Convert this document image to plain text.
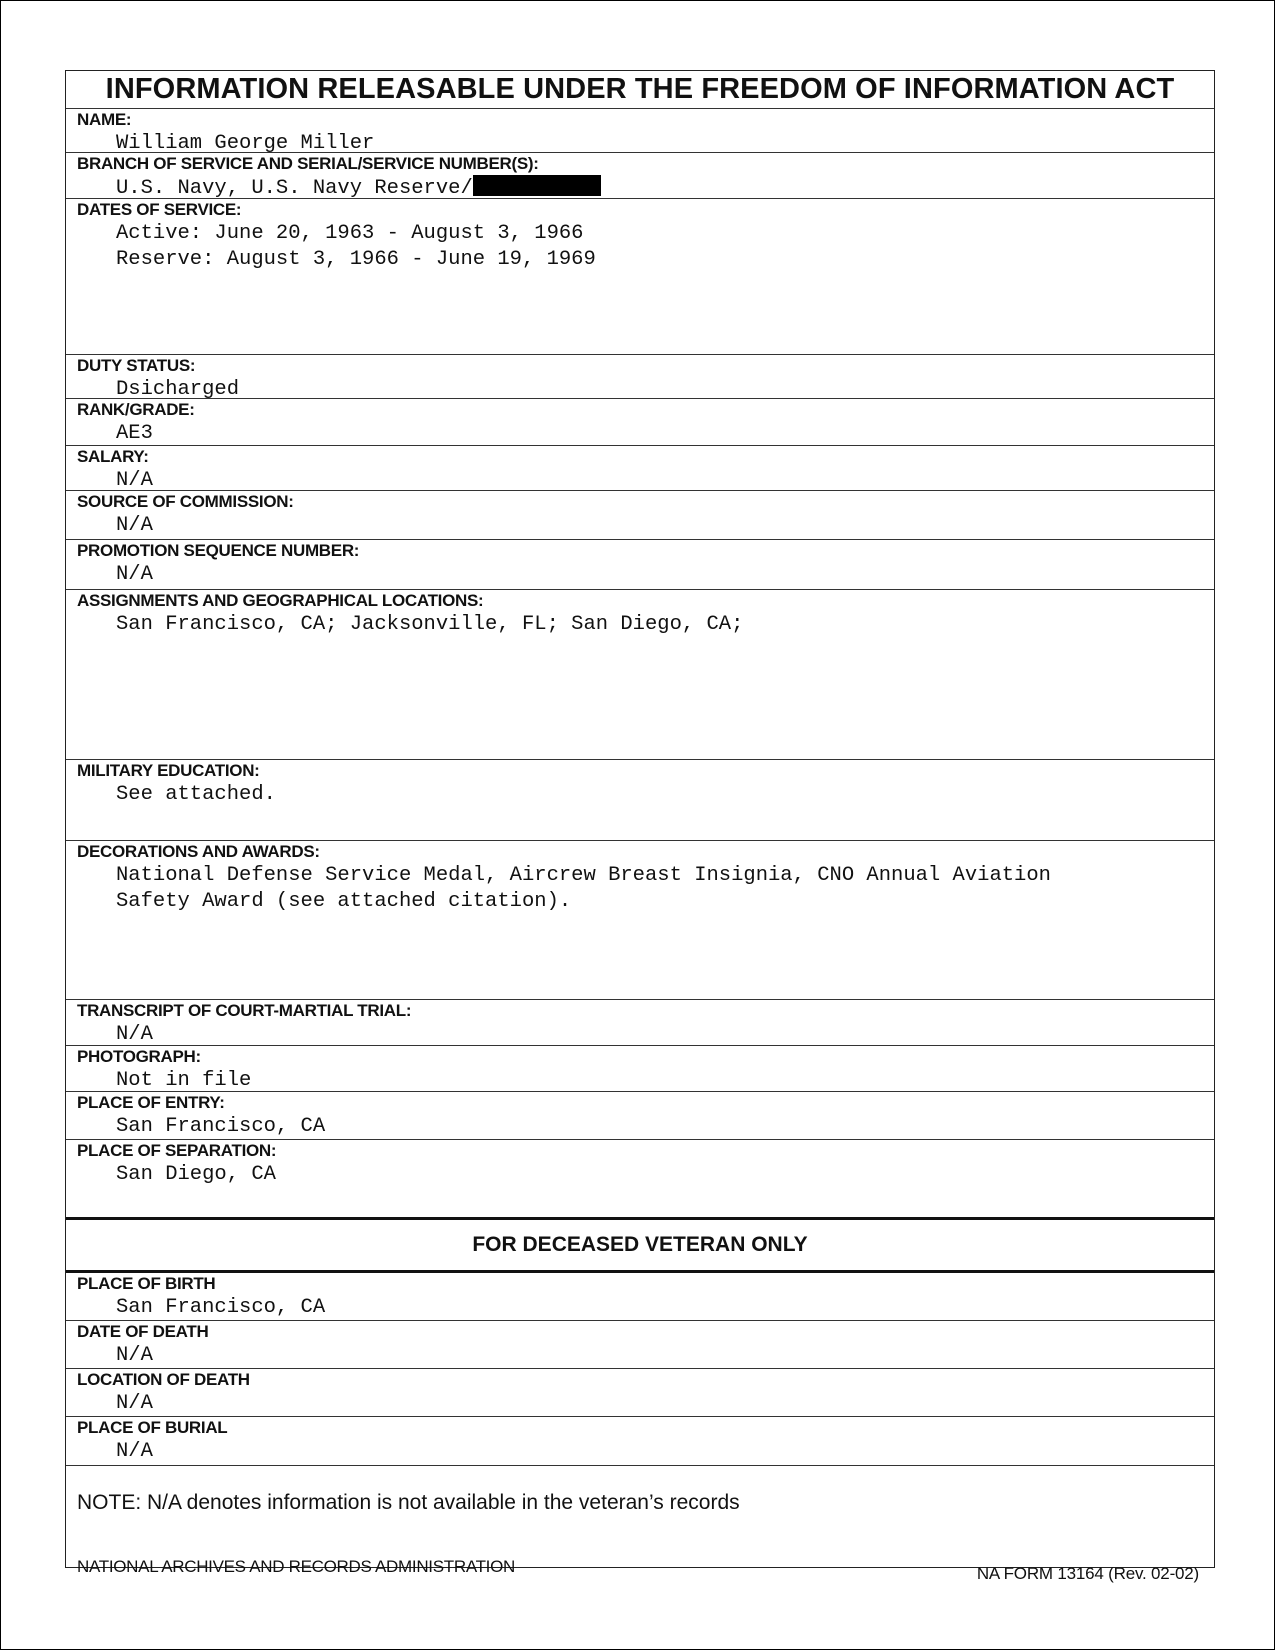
INFORMATION RELEASABLE UNDER THE FREEDOM OF INFORMATION ACT
NAME:
William George Miller
BRANCH OF SERVICE AND SERIAL/SERVICE NUMBER(S):
U.S. Navy, U.S. Navy Reserve/
DATES OF SERVICE:
Active: June 20, 1963 - August 3, 1966
Reserve: August 3, 1966 - June 19, 1969
DUTY STATUS:
Dsicharged
RANK/GRADE:
AE3
SALARY:
N/A
SOURCE OF COMMISSION:
N/A
PROMOTION SEQUENCE NUMBER:
N/A
ASSIGNMENTS AND GEOGRAPHICAL LOCATIONS:
San Francisco, CA; Jacksonville, FL; San Diego, CA;
MILITARY EDUCATION:
See attached.
DECORATIONS AND AWARDS:
National Defense Service Medal, Aircrew Breast Insignia, CNO Annual Aviation
Safety Award (see attached citation).
TRANSCRIPT OF COURT-MARTIAL TRIAL:
N/A
PHOTOGRAPH:
Not in file
PLACE OF ENTRY:
San Francisco, CA
PLACE OF SEPARATION:
San Diego, CA
FOR DECEASED VETERAN ONLY
PLACE OF BIRTH
San Francisco, CA
DATE OF DEATH
N/A
LOCATION OF DEATH
N/A
PLACE OF BURIAL
N/A
NOTE: N/A denotes information is not available in the veteran’s records
NATIONAL ARCHIVES AND RECORDS ADMINISTRATION	NA FORM 13164 (Rev. 02-02)
